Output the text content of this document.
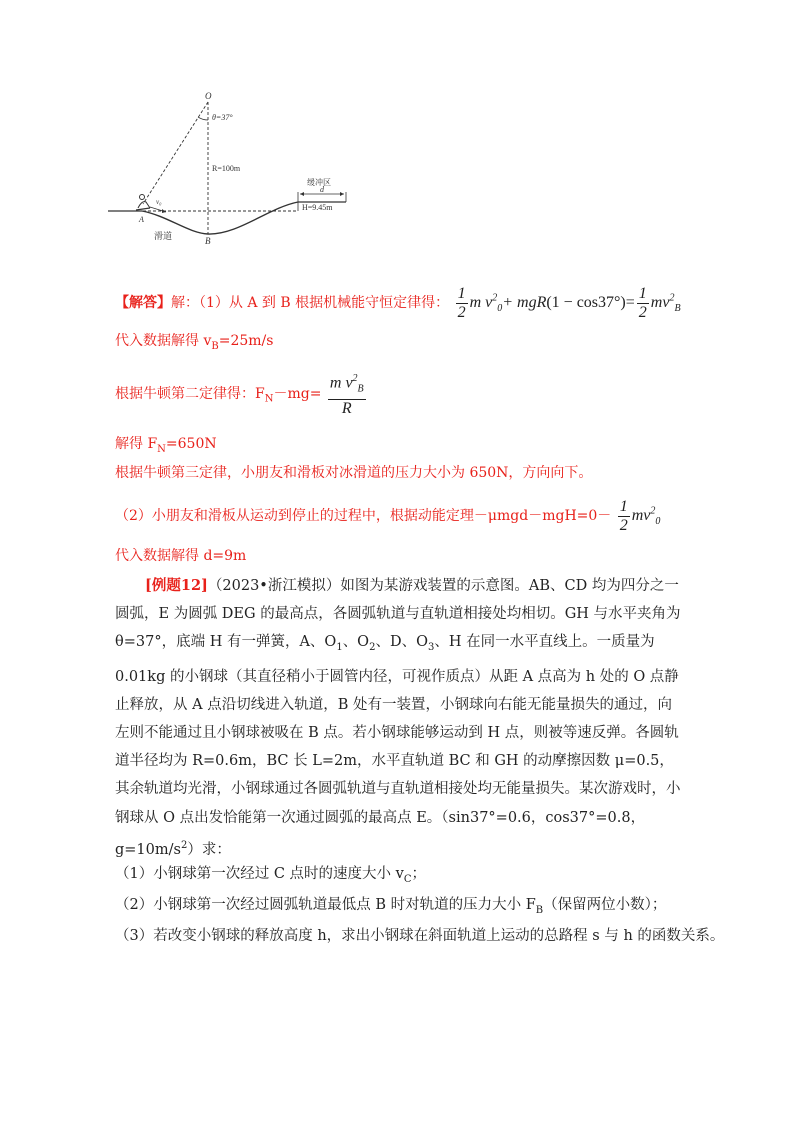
O
θ=37°
R=100m
缓冲区
d
H=9.45m
v₀
A
B
滑道
【解答】解：（1）从 A 到 B 根据机械能守恒定律得： $\frac{1}{2}$ m $v^2_0+ mgR(1 - \cos 37^\circ)= \frac{1}{2} mv^2_B$
代入数据解得 $v_B=25m/s$
根据牛顿第二定律得：$F_N-mg= \frac{m v^2_B}{R}$
解得 $F_N=650N$
根据牛顿第三定律，小朋友和滑板对冰滑道的压力大小为 650N，方向向下。
（2）小朋友和滑板从运动到停止的过程中，根据动能定理$-\mu mgd-mgH=0- \frac{1}{2} mv^2_0$
代入数据解得 d=9m
[例题12]（2023•浙江模拟）如图为某游戏装置的示意图。AB、CD 均为四分之一圆弧，E 为圆弧 DEG 的最高点，各圆弧轨道与直轨道相接处均相切。GH 与水平夹角为θ=37°，底端 H 有一弹簧，A、$O_1$、$O_2$、D、$O_3$、H 在同一水平直线上。一质量为 0.01kg 的小钢球（其直径稍小于圆管内径，可视作质点）从距 A 点高为 h 处的 O 点静止释放，从 A 点沿切线进入轨道，B 处有一装置，小钢球向右能无能量损失的通过，向左则不能通过且小钢球被吸在 B 点。若小钢球能够运动到 H 点，则被等速反弹。各圆轨道半径均为 R=0.6m，BC 长 L=2m，水平直轨道 BC 和 GH 的动摩擦因数 μ=0.5，其余轨道均光滑，小钢球通过各圆弧轨道与直轨道相接处均无能量损失。某次游戏时，小钢球从 O 点出发恰能第一次通过圆弧的最高点 E。（sin37°=0.6，cos37°=0.8，$g=10m/s^2$）求：
（1）小钢球第一次经过 C 点时的速度大小 $v_C$；
（2）小钢球第一次经过圆弧轨道最低点 B 时对轨道的压力大小 $F_B$（保留两位小数）；
（3）若改变小钢球的释放高度 h，求出小钢球在斜面轨道上运动的总路程 s 与 h 的函数关系。
